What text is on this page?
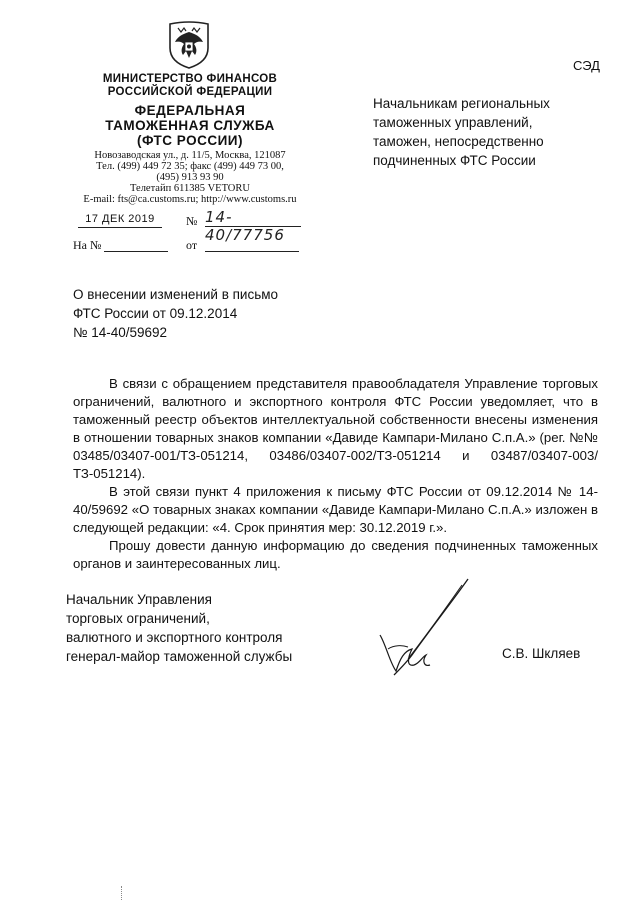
МИНИСТЕРСТВО ФИНАНСОВ
РОССИЙСКОЙ ФЕДЕРАЦИИ
ФЕДЕРАЛЬНАЯ
ТАМОЖЕННАЯ СЛУЖБА
(ФТС РОССИИ)
Новозаводская ул., д. 11/5, Москва, 121087
Тел. (499) 449 72 35; факс (499) 449 73 00,
(495) 913 93 90
Телетайп 611385 VETORU
E-mail: fts@ca.customs.ru; http://www.customs.ru
СЭД
Начальникам региональных
таможенных управлений,
таможен, непосредственно
подчиненных ФТС России
17 ДЕК 2019	№ 14-40/77756
На №	от
О внесении изменений в письмо
ФТС России от 09.12.2014
№ 14-40/59692

В связи с обращением представителя правообладателя Управление торговых ограничений, валютного и экспортного контроля ФТС России уведомляет, что в таможенный реестр объектов интеллектуальной собственности внесены изменения в отношении товарных знаков компании «Давиде Кампари-Милано С.п.А.» (рег. №№ 03485/03407-001/ТЗ-051214, 03486/03407-002/ТЗ-051214 и 03487/03407-003/ТЗ-051214).

В этой связи пункт 4 приложения к письму ФТС России от 09.12.2014 № 14-40/59692 «О товарных знаках компании «Давиде Кампари-Милано С.п.А.» изложен в следующей редакции: «4. Срок принятия мер: 30.12.2019 г.».

Прошу довести данную информацию до сведения подчиненных таможенных органов и заинтересованных лиц.

Начальник Управления
торговых ограничений,
валютного и экспортного контроля
генерал-майор таможенной службы	С.В. Шкляев
